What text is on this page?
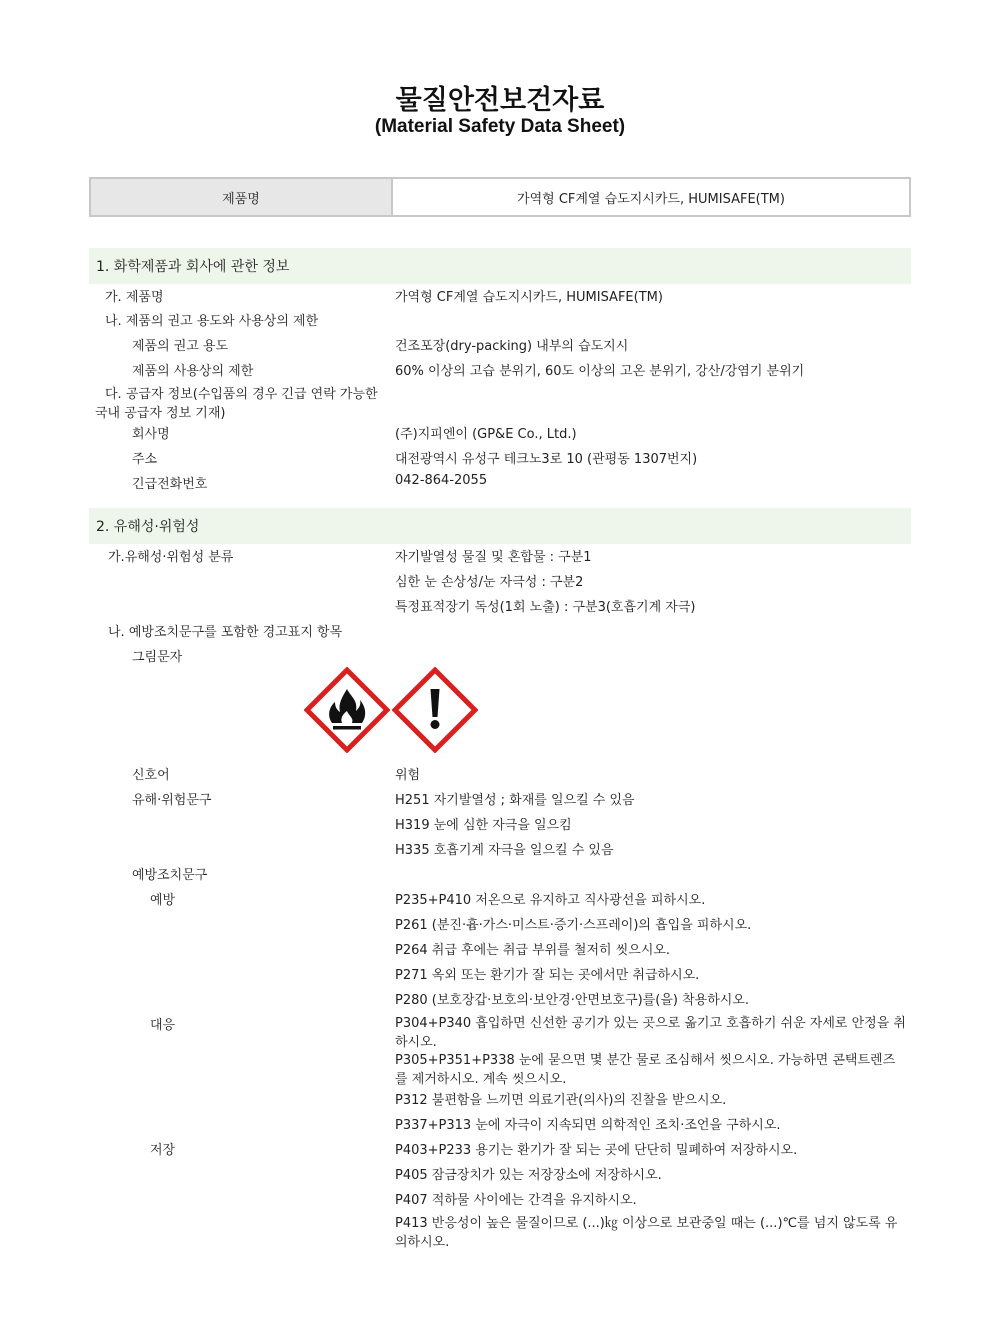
물질안전보건자료
(Material Safety Data Sheet)
제품명	가역형 CF계열 습도지시카드, HUMISAFE(TM)
1. 화학제품과 회사에 관한 정보
가. 제품명	가역형 CF계열 습도지시카드, HUMISAFE(TM)
나. 제품의 권고 용도와 사용상의 제한
제품의 권고 용도	건조포장(dry-packing) 내부의 습도지시
제품의 사용상의 제한	60% 이상의 고습 분위기, 60도 이상의 고온 분위기, 강산/강염기 분위기
다. 공급자 정보(수입품의 경우 긴급 연락 가능한 국내 공급자 정보 기재)
회사명	(주)지피엔이 (GP&E Co., Ltd.)
주소	대전광역시 유성구 테크노3로 10 (관평동 1307번지)
긴급전화번호	042-864-2055
2. 유해성·위험성
가.유해성·위험성 분류	자기발열성 물질 및 혼합물 : 구분1
심한 눈 손상성/눈 자극성 : 구분2
특정표적장기 독성(1회 노출) : 구분3(호흡기계 자극)
나. 예방조치문구를 포함한 경고표지 항목
그림문자
신호어	위험
유해·위험문구	H251 자기발열성 ; 화재를 일으킬 수 있음
H319 눈에 심한 자극을 일으킴
H335 호흡기계 자극을 일으킬 수 있음
예방조치문구
예방	P235+P410 저온으로 유지하고 직사광선을 피하시오.
P261 (분진·흄·가스·미스트·증기·스프레이)의 흡입을 피하시오.
P264 취급 후에는 취급 부위를 철저히 씻으시오.
P271 옥외 또는 환기가 잘 되는 곳에서만 취급하시오.
P280 (보호장갑·보호의·보안경·안면보호구)를(을) 착용하시오.
대응	P304+P340 흡입하면 신선한 공기가 있는 곳으로 옮기고 호흡하기 쉬운 자세로 안정을 취하시오.
P305+P351+P338 눈에 묻으면 몇 분간 물로 조심해서 씻으시오. 가능하면 콘택트렌즈를 제거하시오. 계속 씻으시오.
P312 불편함을 느끼면 의료기관(의사)의 진찰을 받으시오.
P337+P313 눈에 자극이 지속되면 의학적인 조치·조언을 구하시오.
저장	P403+P233 용기는 환기가 잘 되는 곳에 단단히 밀폐하여 저장하시오.
P405 잠금장치가 있는 저장장소에 저장하시오.
P407 적하물 사이에는 간격을 유지하시오.
P413 반응성이 높은 물질이므로 (...)㎏ 이상으로 보관중일 때는 (...)℃를 넘지 않도록 유의하시오.
